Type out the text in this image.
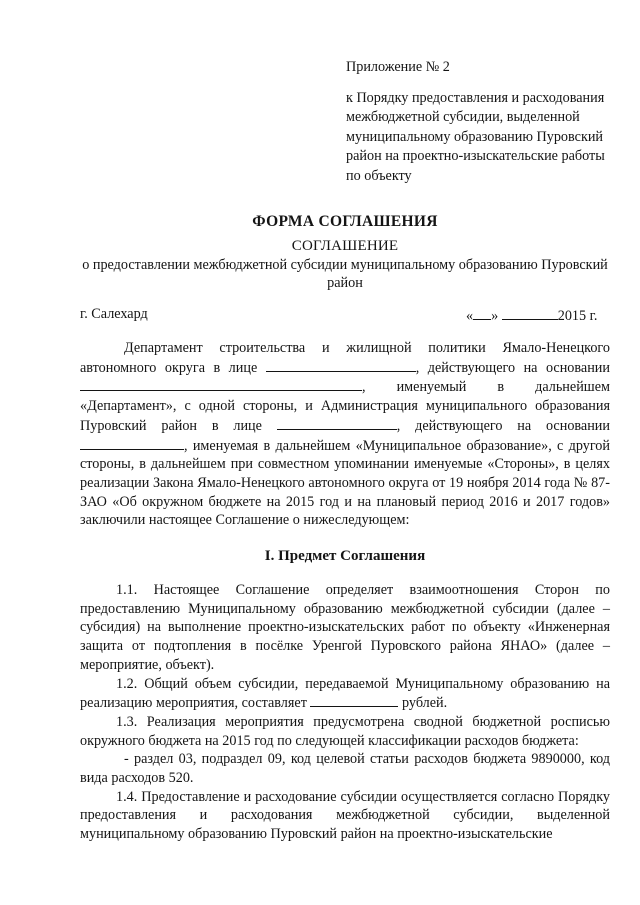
Приложение № 2
к Порядку предоставления и расходования межбюджетной субсидии, выделенной муниципальному образованию Пуровский район на проектно-изыскательские работы по объекту
ФОРМА СОГЛАШЕНИЯ
СОГЛАШЕНИЕ
о предоставлении межбюджетной субсидии муниципальному образованию Пуровский район
г. Салехард	« »	2015 г.

Департамент строительства и жилищной политики Ямало-Ненецкого автономного округа в лице	, действующего на основании , именуемый в дальнейшем «Департамент», с одной стороны, и Администрация муниципального образования Пуровский район в лице	, действующего на основании , именуемая в дальнейшем «Муниципальное образование», с другой стороны, в дальнейшем при совместном упоминании именуемые «Стороны», в целях реализации Закона Ямало-Ненецкого автономного округа от 19 ноября 2014 года № 87-ЗАО «Об окружном бюджете на 2015 год и на плановый период 2016 и 2017 годов» заключили настоящее Соглашение о нижеследующем:

I. Предмет Соглашения

1.1. Настоящее Соглашение определяет взаимоотношения Сторон по предоставлению Муниципальному образованию межбюджетной субсидии (далее – субсидия) на выполнение проектно-изыскательских работ по объекту «Инженерная защита от подтопления в посёлке Уренгой Пуровского района ЯНАО» (далее – мероприятие, объект).

1.2. Общий объем субсидии, передаваемой Муниципальному образованию на реализацию мероприятия, составляет	рублей.

1.3. Реализация мероприятия предусмотрена сводной бюджетной росписью окружного бюджета на 2015 год по следующей классификации расходов бюджета:

- раздел 03, подраздел 09, код целевой статьи расходов бюджета 9890000, код вида расходов 520.

1.4. Предоставление и расходование субсидии осуществляется согласно Порядку предоставления и расходования межбюджетной субсидии, выделенной муниципальному образованию Пуровский район на проектно-изыскательские
